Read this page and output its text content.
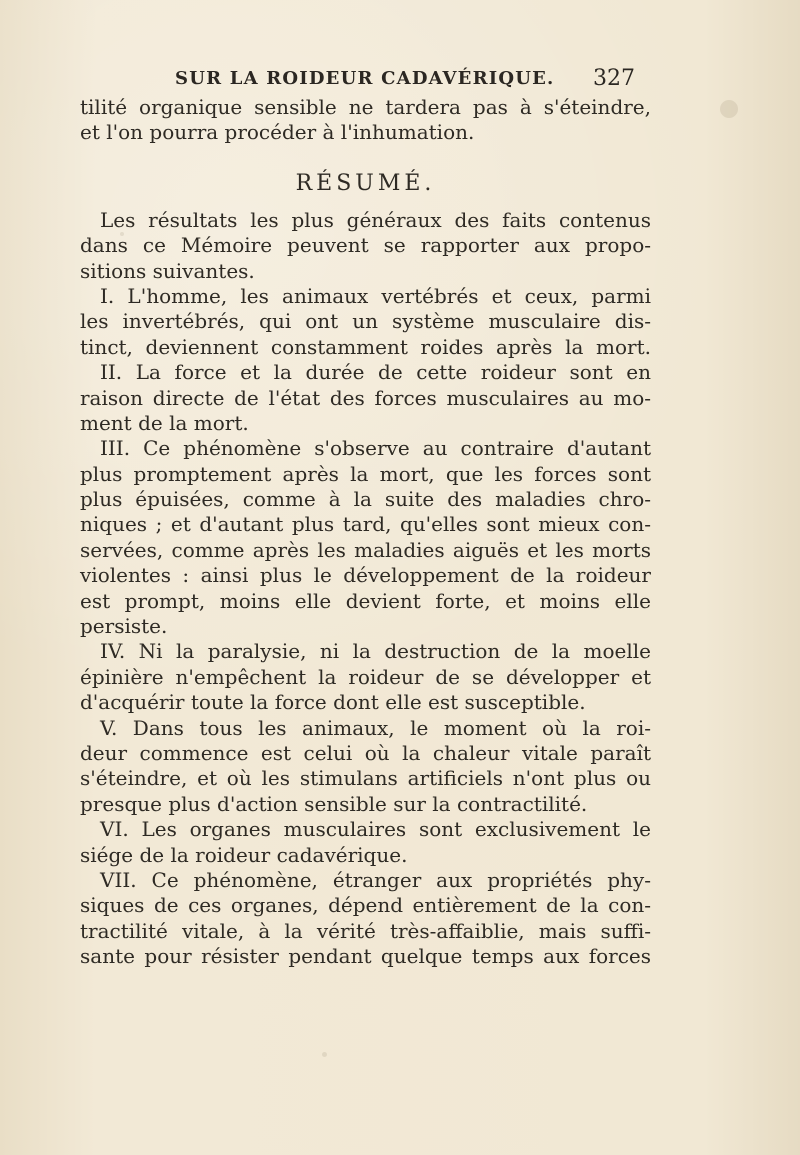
SUR LA ROIDEUR CADAVÉRIQUE. 327
tilité organique sensible ne tardera pas à s'éteindre,
et l'on pourra procéder à l'inhumation.
RÉSUMÉ.
Les résultats les plus généraux des faits contenus
dans ce Mémoire peuvent se rapporter aux propo-
sitions suivantes.
I. L'homme, les animaux vertébrés et ceux, parmi
les invertébrés, qui ont un système musculaire dis-
tinct, deviennent constamment roides après la mort.
II. La force et la durée de cette roideur sont en
raison directe de l'état des forces musculaires au mo-
ment de la mort.
III. Ce phénomène s'observe au contraire d'autant
plus promptement après la mort, que les forces sont
plus épuisées, comme à la suite des maladies chro-
niques ; et d'autant plus tard, qu'elles sont mieux con-
servées, comme après les maladies aiguës et les morts
violentes : ainsi plus le développement de la roideur
est prompt, moins elle devient forte, et moins elle
persiste.
IV. Ni la paralysie, ni la destruction de la moelle
épinière n'empêchent la roideur de se développer et
d'acquérir toute la force dont elle est susceptible.
V. Dans tous les animaux, le moment où la roi-
deur commence est celui où la chaleur vitale paraît
s'éteindre, et où les stimulans artificiels n'ont plus ou
presque plus d'action sensible sur la contractilité.
VI. Les organes musculaires sont exclusivement le
siége de la roideur cadavérique.
VII. Ce phénomène, étranger aux propriétés phy-
siques de ces organes, dépend entièrement de la con-
tractilité vitale, à la vérité très-affaiblie, mais suffi-
sante pour résister pendant quelque temps aux forces
